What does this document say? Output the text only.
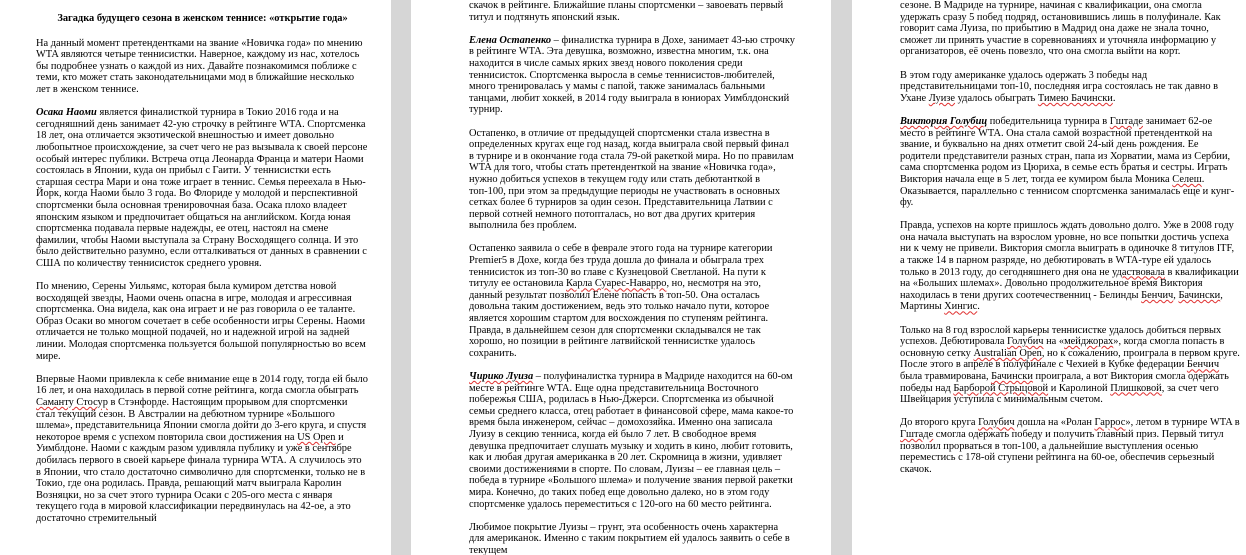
Загадка будущего сезона в женском теннисе: «открытие года»

На данный момент претендентками на звание «Новичка года» по мнению WTA являются четыре теннисистки. Наверное, каждому из нас, хотелось бы подробнее узнать о каждой из них. Давайте познакомимся поближе с теми, кто может стать законодательницами мод в ближайшие несколько лет в женском теннисе.

Осака Наоми является финалисткой турнира в Токио 2016 года и на сегодняшний день занимает 42-ую строчку в рейтинге WTA. Спортсменка 18 лет, она отличается экзотической внешностью и имеет довольно любопытное происхождение, за счет чего не раз вызывала к своей персоне особый интерес публики. Встреча отца Леонарда Франца и матери Наоми состоялась в Японии, куда он прибыл с Гаити. У теннисистки есть старшая сестра Мари и она тоже играет в теннис. Семья переехала в Нью-Йорк, когда Наоми было 3 года. Во Флориде у молодой и перспективной спортсменки была основная тренировочная база. Осака плохо владеет японским языком и предпочитает общаться на английском. Когда юная спортсменка подавала первые надежды, ее отец, настоял на смене фамилии, чтобы Наоми выступала за Страну Восходящего солнца. И это было действительно разумно, если отталкиваться от данных в сравнении с США по количеству теннисисток среднего уровня.

По мнению, Серены Уильямс, которая была кумиром детства новой восходящей звезды, Наоми очень опасна в игре, молодая и агрессивная спортсменка. Она видела, как она играет и не раз говорила о ее таланте. Образ Осаки во многом сочетает в себе особенности игры Серены. Наоми отличается не только мощной подачей, но и надежной игрой на задней линии. Молодая спортсменка пользуется большой популярностью во всем мире.

Впервые Наоми привлекла к себе внимание еще в 2014 году, тогда ей было 16 лет, и она находилась в первой сотне рейтинга, когда смогла обыграть Саманту Стосур в Стэнфорде. Настоящим прорывом для спортсменки стал текущий сезон. В Австралии на дебютном турнире «Большого шлема», представительница Японии смогла дойти до 3-его круга, и спустя некоторое время с успехом повторила свои достижения на US Open и Уимблдоне. Наоми с каждым разом удивляла публику и уже в сентябре добилась первого в своей карьере финала турнира WTA. А случилось это в Японии, что стало достаточно символично для спортсменки, только не в Токио, где она родилась. Правда, решающий матч выиграла Каролин Возняцки, но за счет этого турнира Осаки с 205-ого места с января текущего года в мировой классификации передвинулась на 42-ое, а это достаточно стремительный

скачок в рейтинге. Ближайшие планы спортсменки – завоевать первый титул и подтянуть японский язык.

Елена Остапенко – финалистка турнира в Дохе, занимает 43-ью строчку в рейтинге WTA. Эта девушка, возможно, известна многим, т.к. она находится в числе самых ярких звезд нового поколения среди теннисисток. Спортсменка выросла в семье теннисистов-любителей, много тренировалась у мамы с папой, также занималась бальными танцами, любит хоккей, в 2014 году выиграла в юниорах Уимблдонский турнир.

Остапенко, в отличие от предыдущей спортсменки стала известна в определенных кругах еще год назад, когда выиграла свой первый финал в турнире и в окончание года стала 79-ой ракеткой мира. Но по правилам WTA для того, чтобы стать претенденткой на звание «Новичка года», нужно добиться успехов в текущем году или стать дебютанткой в топ-100, при этом за предыдущие периоды не участвовать в основных сетках более 6 турниров за один сезон. Представительница Латвии с первой сотней немного потопталась, но вот два других критерия выполнила без проблем.

Остапенко заявила о себе в феврале этого года на турнире категории Premier5 в Дохе, когда без труда дошла до финала и обыграла трех теннисисток из топ-30 во главе с Кузнецовой Светланой. На пути к титулу ее остановила Карла Суарес-Наварро, но, несмотря на это, данный результат позволил Елене попасть в топ-50. Она осталась довольна таким достижением, ведь это только начало пути, которое является хорошим стартом для восхождения по ступеням рейтинга. Правда, в дальнейшем сезон для спортсменки складывался не так хорошо, но позиции в рейтинге латвийской теннисистке удалось сохранить.

Чирико Луиза – полуфиналистка турнира в Мадриде находится на 60-ом месте в рейтинге WTA. Еще одна представительница Восточного побережья США, родилась в Нью-Джерси. Спортсменка из обычной семьи среднего класса, отец работает в финансовой сфере, мама какое-то время была инженером, сейчас – домохозяйка. Именно она записала Луизу в секцию тенниса, когда ей было 7 лет. В свободное время девушка предпочитает слушать музыку и ходить в кино, любит готовить, как и любая другая американка в 20 лет. Скромница в жизни, удивляет своими достижениями в спорте. По словам, Луизы – ее главная цель – победа в турнире «Большого шлема» и получение звания первой ракетки мира. Конечно, до таких побед еще довольно далеко, но в этом году спортсменке удалось переместиться с 120-ого на 60 место рейтинга.

Любимое покрытие Луизы – грунт, эта особенность очень характерна для американок. Именно с таким покрытием ей удалось заявить о себе в текущем

сезоне. В Мадриде на турнире, начиная с квалификации, она смогла удержать сразу 5 побед подряд, остановившись лишь в полуфинале. Как говорит сама Луиза, по прибытию в Мадрид она даже не знала точно, сможет ли принять участие в соревнованиях и уточняла информацию у организаторов, её очень повезло, что она смогла выйти на корт.

В этом году американке удалось одержать 3 победы над представительницами топ-10, последняя игра состоялась не так давно в Ухане Луизе удалось обыграть Тимею Бачински.

Виктория Голубиц победительница турнира в Гштаде занимает 62-ое место в рейтинге WTA. Она стала самой возрастной претенденткой на звание, и буквально на днях отметит свой 24-ый день рождения. Ее родители представители разных стран, папа из Хорватии, мама из Сербии, сама спортсменка родом из Цюриха, в семье есть братья и сестры. Играть Виктория начала еще в 5 лет, тогда ее кумиром была Моника Селеш. Оказывается, параллельно с теннисом спортсменка занималась еще и кунг-фу.

Правда, успехов на корте пришлось ждать довольно долго. Уже в 2008 году она начала выступать на взрослом уровне, но все попытки достичь успеха ни к чему не привели. Виктория смогла выиграть в одиночке 8 титулов ITF, а также 14 в парном разряде, но дебютировать в WTA-туре ей удалось только в 2013 году, до сегодняшнего дня она не удаствовала в квалификации на «Больших шлемах». Довольно продолжительное время Виктория находилась в тени других соотечественниц - Белинды Бенчич, Бачински, Мартины Хингис.

Только на 8 год взрослой карьеры теннисистке удалось добиться первых успехов. Дебютировала Голубич на «мейджорах», когда смогла попасть в основную сетку Australian Open, но к сожалению, проиграла в первом круге. После этого в апреле в полуфинале с Чехией в Кубке федерации Бенчич была травмирована, Бачински проиграла, а вот Виктория смогла одержать победы над Барборой Стрыцовой и Каролиной Плишковой, за счет чего Швейцария уступила с минимальным счетом.

До второго круга Голубич дошла на «Ролан Гаррос», летом в турнире WTA в Гштаде смогла одержать победу и получить главный приз. Первый титул позволил прорваться в топ-100, а дальнейшие выступления осенью переместись с 178-ой ступени рейтинга на 60-ое, обеспечив серьезный скачок.
